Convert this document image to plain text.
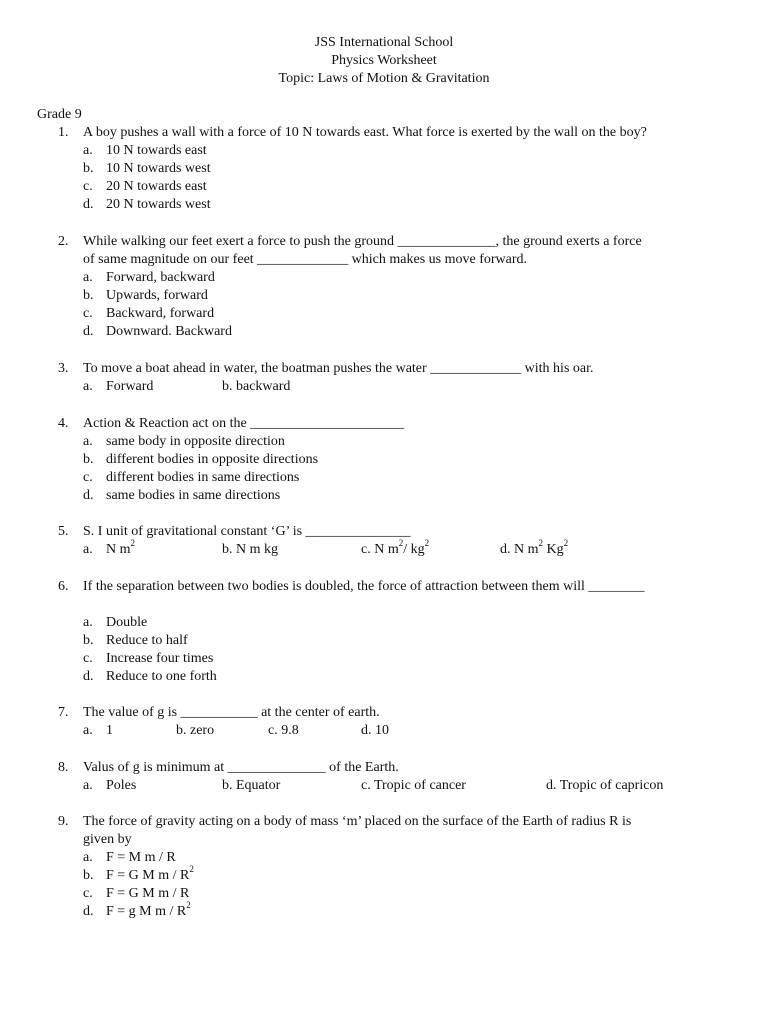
JSS International School
Physics Worksheet
Topic: Laws of Motion & Gravitation
Grade 9
1. A boy pushes a wall with a force of 10 N towards east. What force is exerted by the wall on the boy?
a. 10 N towards east
b. 10 N towards west
c. 20 N towards east
d. 20 N towards west
2. While walking our feet exert a force to push the ground ______________, the ground exerts a force
of same magnitude on our feet _____________ which makes us move forward.
a. Forward, backward
b. Upwards, forward
c. Backward, forward
d. Downward. Backward
3. To move a boat ahead in water, the boatman pushes the water _____________ with his oar.
a. Forward	b. backward
4. Action & Reaction act on the ______________________
a. same body in opposite direction
b. different bodies in opposite directions
c. different bodies in same directions
d. same bodies in same directions
5. S. I unit of gravitational constant ‘G’ is _______________
a. N $m^2$	b. N m kg	c. N $m^2/$ $kg^2$	d. N $m^2$ Kg$^2$
6. If the separation between two bodies is doubled, the force of attraction between them will ________
a. Double
b. Reduce to half
c. Increase four times
d. Reduce to one forth
7. The value of g is ___________ at the center of earth.
a. 1	b. zero	c. 9.8	d. 10
8. Valus of g is minimum at ______________ of the Earth.
a. Poles	b. Equator	c. Tropic of cancer	d. Tropic of capricon
9. The force of gravity acting on a body of mass ‘m’ placed on the surface of the Earth of radius R is
given by
a. F = M m / R
b. F = G M m / $R^2$
c. F = G M m / R
d. F = g M m / $R^2$
